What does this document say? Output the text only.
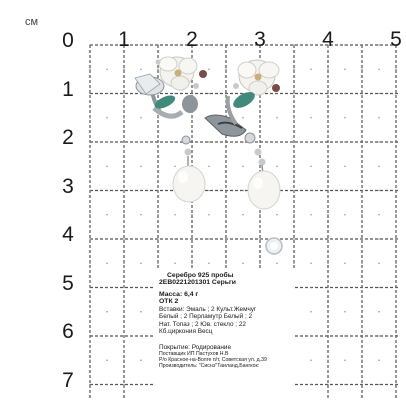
см
1	2	3	4	5
0
1
2
3
4
5
6
7
Серебро 925 пробы
2ЕВ0221201301 Серьги
Масса: 6,4 г
ОТК 2
Вставки: Эмаль ; 2 Культ.Жемчуг
Белый ; 2 Перламутр Белый ; 2
Нат. Топаз ; 2 Юв. стекло ; 22
Кб.циркония Весц
Покрытие: Родирование
Поставщик ИП Пастухов Н.В
Р/о Красное-на-Волге п/т, Советская ул. д.39
Производитель: "Сиснэ"Таиланд,Бангкок:
